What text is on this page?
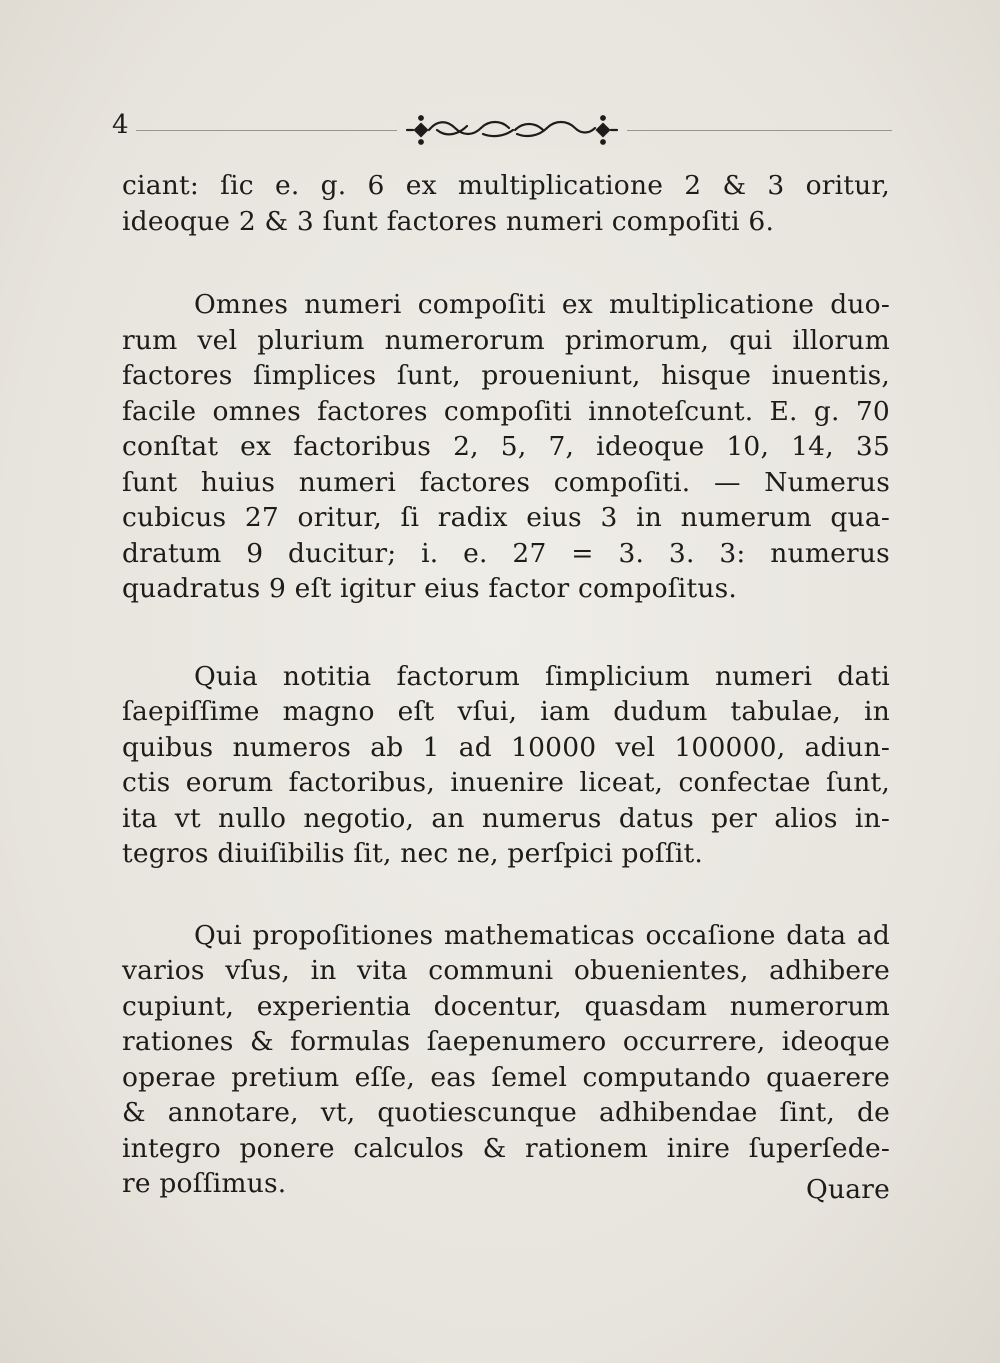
4
ciant: ſic e. g. 6 ex multiplicatione 2 & 3 oritur,
ideoque 2 & 3 ſunt factores numeri compoſiti 6.
Omnes numeri compoſiti ex multiplicatione duo-
rum vel plurium numerorum primorum, qui illorum
factores ſimplices ſunt, proueniunt, hisque inuentis,
facile omnes factores compoſiti innoteſcunt. E. g. 70
conſtat ex factoribus 2, 5, 7, ideoque 10, 14, 35
ſunt huius numeri factores compoſiti. — Numerus
cubicus 27 oritur, ſi radix eius 3 in numerum qua-
dratum 9 ducitur; i. e. 27 = 3. 3. 3: numerus
quadratus 9 eſt igitur eius factor compoſitus.
Quia notitia factorum ſimplicium numeri dati
ſaepiſſime magno eſt vſui, iam dudum tabulae, in
quibus numeros ab 1 ad 10000 vel 100000, adiun-
ctis eorum factoribus, inuenire liceat, confectae ſunt,
ita vt nullo negotio, an numerus datus per alios in-
tegros diuiſibilis ſit, nec ne, perſpici poſſit.
Qui propoſitiones mathematicas occaſione data ad
varios vſus, in vita communi obuenientes, adhibere
cupiunt, experientia docentur, quasdam numerorum
rationes & formulas ſaepenumero occurrere, ideoque
operae pretium eſſe, eas ſemel computando quaerere
& annotare, vt, quotiescunque adhibendae ſint, de
integro ponere calculos & rationem inire ſuperſede-
re poſſimus.	Quare
